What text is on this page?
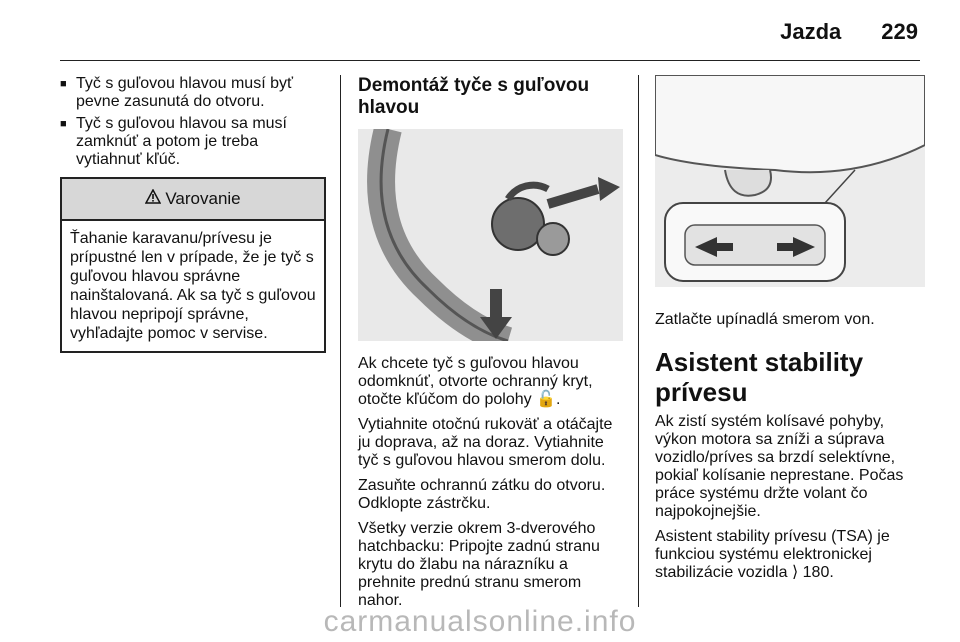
Jazda 229
■ Tyč s guľovou hlavou musí byť pevne zasunutá do otvoru.
■ Tyč s guľovou hlavou sa musí zamknúť a potom je treba vytiahnuť kľúč.
Varovanie
Ťahanie karavanu/prívesu je prípustné len v prípade, že je tyč s guľovou hlavou správne nainštalovaná. Ak sa tyč s guľovou hlavou nepripojí správne, vyhľadajte pomoc v servise.
Demontáž tyče s guľovou hlavou

Ak chcete tyč s guľovou hlavou odomknúť, otvorte ochranný kryt, otočte kľúčom do polohy 🔓.

Vytiahnite otočnú rukoväť a otáčajte ju doprava, až na doraz. Vytiahnite tyč s guľovou hlavou smerom dolu.

Zasuňte ochrannú zátku do otvoru. Odklopte zástrčku.

Všetky verzie okrem 3-dverového hatchbacku: Pripojte zadnú stranu krytu do žlabu na nárazníku a prehnite prednú stranu smerom nahor.

Zatlačte upínadlá smerom von.

Asistent stability prívesu

Ak zistí systém kolísavé pohyby, výkon motora sa zníži a súprava vozidlo/príves sa brzdí selektívne, pokiaľ kolísanie neprestane. Počas práce systému držte volant čo najpokojnejšie.

Asistent stability prívesu (TSA) je funkciou systému elektronickej stabilizácie vozidla ⟩ 180.

carmanualsonline.info
